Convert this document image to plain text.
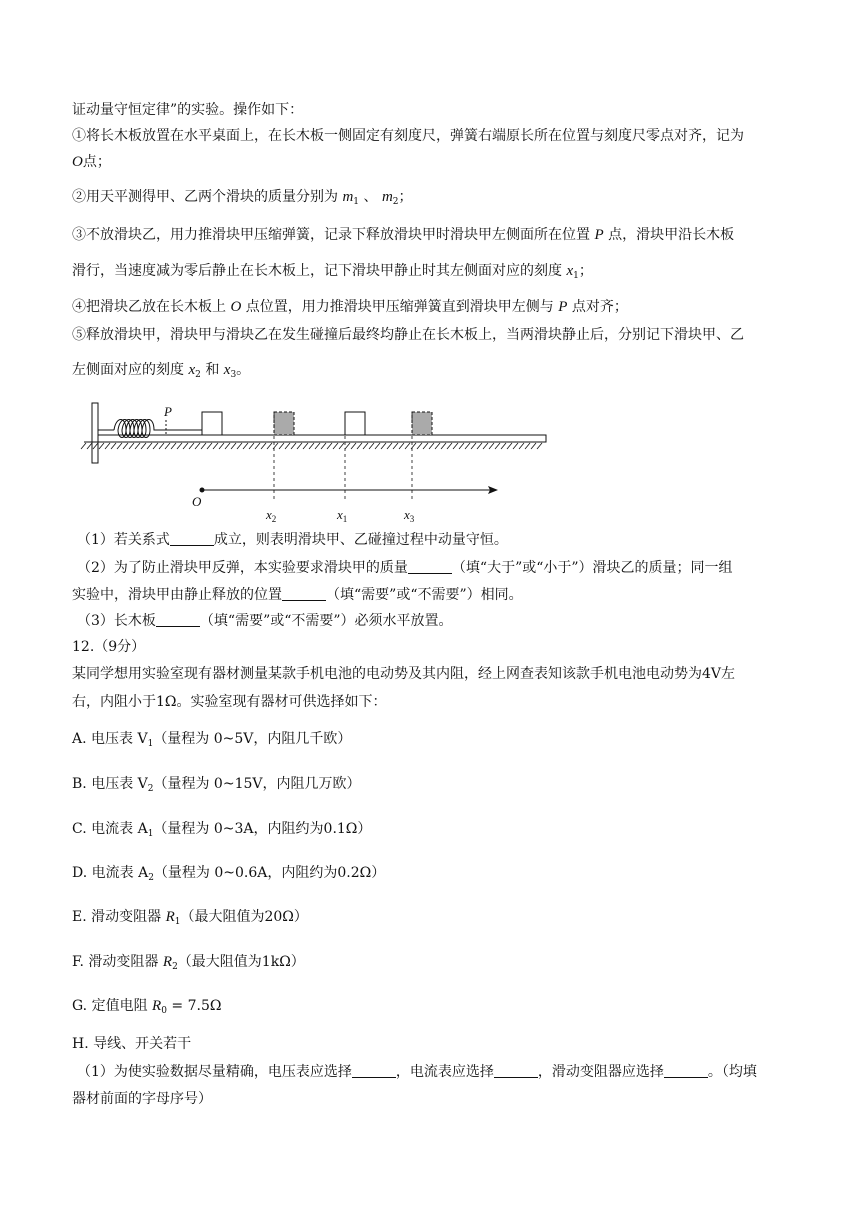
证动量守恒定律”的实验。操作如下：
①将长木板放置在水平桌面上，在长木板一侧固定有刻度尺，弹簧右端原长所在位置与刻度尺零点对齐，记为
O点；
②用天平测得甲、乙两个滑块的质量分别为 $m_1$ 、 $m_2$；
③不放滑块乙，用力推滑块甲压缩弹簧，记录下释放滑块甲时滑块甲左侧面所在位置 P 点，滑块甲沿长木板
滑行，当速度减为零后静止在长木板上，记下滑块甲静止时其左侧面对应的刻度 $x_1$；
④把滑块乙放在长木板上 O 点位置，用力推滑块甲压缩弹簧直到滑块甲左侧与 P 点对齐；
⑤释放滑块甲，滑块甲与滑块乙在发生碰撞后最终均静止在长木板上，当两滑块静止后，分别记下滑块甲、乙
左侧面对应的刻度 $x_2$ 和 $x_3$。
P
O
$x_2$	$x_1$	$x_3$
（1）若关系式	成立，则表明滑块甲、乙碰撞过程中动量守恒。
（2）为了防止滑块甲反弹，本实验要求滑块甲的质量	（填“大于”或“小于”）滑块乙的质量；同一组
实验中，滑块甲由静止释放的位置	（填“需要”或“不需要”）相同。
（3）长木板	（填“需要”或“不需要”）必须水平放置。
12.（9分）
某同学想用实验室现有器材测量某款手机电池的电动势及其内阻，经上网查表知该款手机电池电动势为4V左
右，内阻小于1Ω。实验室现有器材可供选择如下：
A. 电压表 $V_1$（量程为 0~5V，内阻几千欧）
B. 电压表 $V_2$（量程为 0~15V，内阻几万欧）
C. 电流表 $A_1$（量程为 0~3A，内阻约为0.1Ω）
D. 电流表 $A_2$（量程为 0~0.6A，内阻约为0.2Ω）
E. 滑动变阻器 $R_1$（最大阻值为20Ω）
F. 滑动变阻器 $R_2$（最大阻值为1kΩ）
G. 定值电阻 $R_0 = 7.5\Omega$
H. 导线、开关若干
（1）为使实验数据尽量精确，电压表应选择	，电流表应选择	，滑动变阻器应选择	。（均填
器材前面的字母序号）
